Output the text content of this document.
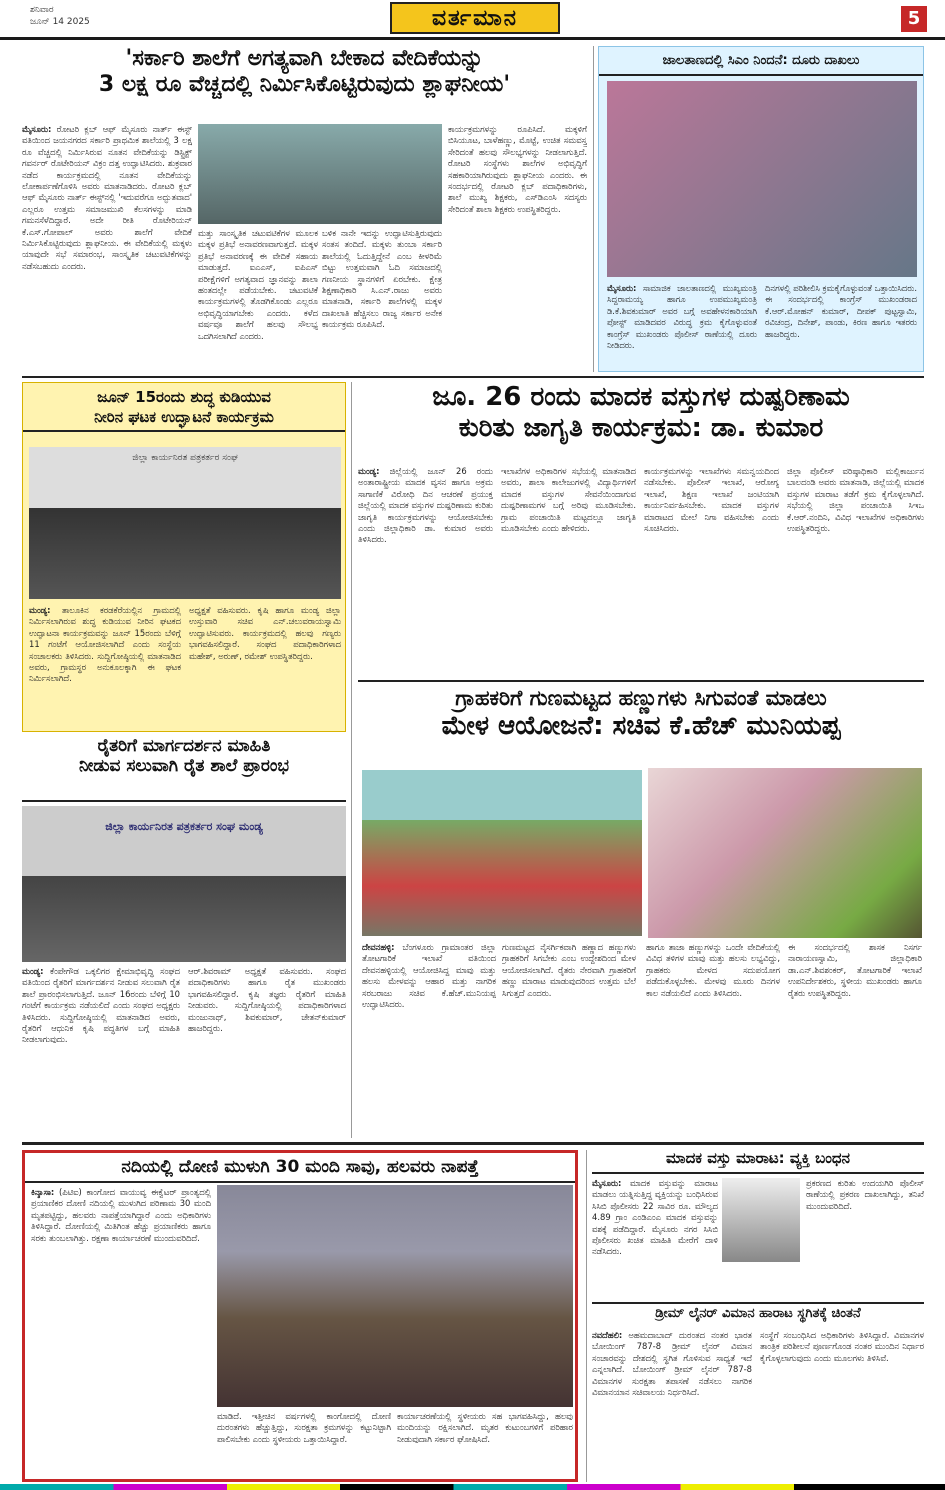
ಶನಿವಾರ
ಜೂನ್ 14 2025	ವರ್ತಮಾನ	5
'ಸರ್ಕಾರಿ ಶಾಲೆಗೆ ಅಗತ್ಯವಾಗಿ ಬೇಕಾದ ವೇದಿಕೆಯನ್ನು
3 ಲಕ್ಷ ರೂ ವೆಚ್ಚದಲ್ಲಿ ನಿರ್ಮಿಸಿಕೊಟ್ಟಿರುವುದು ಶ್ಲಾಘನೀಯ'
ಮೈಸೂರು: ರೋಟರಿ ಕ್ಲಬ್ ಆಫ್ ಮೈಸೂರು ನಾರ್ತ್ ಈಸ್ಟ್ ವತಿಯಿಂದ ಜಯನಗರದ ಸರ್ಕಾರಿ ಪ್ರಾಥಮಿಕ ಶಾಲೆಯಲ್ಲಿ 3 ಲಕ್ಷ ರೂ ವೆಚ್ಚದಲ್ಲಿ ನಿರ್ಮಿಸಿರುವ ನೂತನ ವೇದಿಕೆಯನ್ನು ಡಿಸ್ಟ್ರಿಕ್ಟ್ ಗವರ್ನರ್ ರೊಟೇರಿಯನ್ ವಿಕ್ರಂ ದತ್ತ ಉದ್ಘಾಟಿಸಿದರು. ಶುಕ್ರವಾರ ನಡೆದ ಕಾರ್ಯಕ್ರಮದಲ್ಲಿ ನೂತನ ವೇದಿಕೆಯನ್ನು ಲೋಕಾರ್ಪಣೆಗೊಳಿಸಿ ಅವರು ಮಾತನಾಡಿದರು. ರೋಟರಿ ಕ್ಲಬ್ ಆಫ್ ಮೈಸೂರು ನಾರ್ತ್ ಈಸ್ಟ್‌ನಲ್ಲಿ 'ಇದುವರೆಗೂ ಅದ್ಭುತವಾದ' ಎಲ್ಲರೂ ಉತ್ತಮ ಸಮಾಜಮುಖಿ ಕೆಲಸಗಳನ್ನು ಮಾಡಿ ಗಮನಸೆಳೆದಿದ್ದಾರೆ. ಅದೇ ರೀತಿ ರೊಟೇರಿಯನ್ ಕೆ.ಎಸ್.ಗೋಪಾಲ್ ಅವರು ಶಾಲೆಗೆ ವೇದಿಕೆ ನಿರ್ಮಿಸಿಕೊಟ್ಟಿರುವುದು ಶ್ಲಾಘನೀಯ. ಈ ವೇದಿಕೆಯಲ್ಲಿ ಮಕ್ಕಳು ಯಾವುದೇ ಸಭೆ ಸಮಾರಂಭ, ಸಾಂಸ್ಕೃತಿಕ ಚಟುವಟಿಕೆಗಳನ್ನು ನಡೆಸಬಹುದು ಎಂದರು.
ಮತ್ತು ಸಾಂಸ್ಕೃತಿಕ ಚಟುವಟಿಕೆಗಳ ಮೂಲಕ ಮಕ್ಕಳ ಪ್ರತಿಭೆ ಅನಾವರಣವಾಗುತ್ತದೆ. ಮಕ್ಕಳ ಪ್ರತಿಭೆ ಅನಾವರಣಕ್ಕೆ ಈ ವೇದಿಕೆ ಸಹಾಯ ಮಾಡುತ್ತದೆ. ಐಎಎಸ್, ಐಪಿಎಸ್ ಪರೀಕ್ಷೆಗಳಿಗೆ ಅಗತ್ಯವಾದ ಜ್ಞಾನವನ್ನು ಶಾಲಾ ಹಂತದಲ್ಲೇ ಪಡೆಯಬೇಕು. ಚಟುವಟಿಕೆ ಕಾರ್ಯಕ್ರಮಗಳಲ್ಲಿ ತೊಡಗಿಕೊಂಡು ಎಲ್ಲರೂ ಅಭಿವೃದ್ಧಿಯಾಗಬೇಕು ಎಂದರು. ಕಳೆದ ವರ್ಷವೂ ಶಾಲೆಗೆ ಹಲವು ಸೌಲಭ್ಯ ಒದಗಿಸಲಾಗಿದೆ ಎಂದರು.
ಬಳಿಕ ನಾನೇ ಇದನ್ನು ಉದ್ಘಾಟಿಸುತ್ತಿರುವುದು ಸಂತಸ ತಂದಿದೆ. ಮಕ್ಕಳು ತುಂಬಾ ಸರ್ಕಾರಿ ಶಾಲೆಯಲ್ಲಿ ಓದುತ್ತಿದ್ದೇನೆ ಎಂಬ ಕೀಳರಿಮೆ ಬಿಟ್ಟು ಉತ್ತಮವಾಗಿ ಓದಿ ಸಮಾಜದಲ್ಲಿ ಗಣನೀಯ ಸ್ಥಾನಗಳಿಗೆ ಏರಬೇಕು. ಕ್ಷೇತ್ರ ಶಿಕ್ಷಣಾಧಿಕಾರಿ ಸಿ.ಎನ್.ರಾಜು ಅವರು ಮಾತನಾಡಿ, ಸರ್ಕಾರಿ ಶಾಲೆಗಳಲ್ಲಿ ಮಕ್ಕಳ ದಾಖಲಾತಿ ಹೆಚ್ಚಿಸಲು ರಾಜ್ಯ ಸರ್ಕಾರ ಅನೇಕ ಕಾರ್ಯಕ್ರಮ ರೂಪಿಸಿದೆ.
ಕಾರ್ಯಕ್ರಮಗಳನ್ನು ರೂಪಿಸಿದೆ. ಮಕ್ಕಳಿಗೆ ಬಿಸಿಯೂಟ, ಬಾಳೆಹಣ್ಣು, ಮೊಟ್ಟೆ, ಉಚಿತ ಸಮವಸ್ತ್ರ ಸೇರಿದಂತೆ ಹಲವು ಸೌಲಭ್ಯಗಳನ್ನು ನೀಡಲಾಗುತ್ತಿದೆ. ರೋಟರಿ ಸಂಸ್ಥೆಗಳು ಶಾಲೆಗಳ ಅಭಿವೃದ್ಧಿಗೆ ಸಹಕಾರಿಯಾಗಿರುವುದು ಶ್ಲಾಘನೀಯ ಎಂದರು. ಈ ಸಂದರ್ಭದಲ್ಲಿ ರೋಟರಿ ಕ್ಲಬ್ ಪದಾಧಿಕಾರಿಗಳು, ಶಾಲೆ ಮುಖ್ಯ ಶಿಕ್ಷಕರು, ಎಸ್‌ಡಿಎಂಸಿ ಸದಸ್ಯರು ಸೇರಿದಂತೆ ಶಾಲಾ ಶಿಕ್ಷಕರು ಉಪಸ್ಥಿತರಿದ್ದರು.
ಜಾಲತಾಣದಲ್ಲಿ ಸಿಎಂ ನಿಂದನೆ: ದೂರು ದಾಖಲು
ಮೈಸೂರು: ಸಾಮಾಜಿಕ ಜಾಲತಾಣದಲ್ಲಿ ಮುಖ್ಯಮಂತ್ರಿ ಸಿದ್ದರಾಮಯ್ಯ ಹಾಗೂ ಉಪಮುಖ್ಯಮಂತ್ರಿ ಡಿ.ಕೆ.ಶಿವಕುಮಾರ್ ಅವರ ಬಗ್ಗೆ ಅವಹೇಳನಕಾರಿಯಾಗಿ ಪೋಸ್ಟ್ ಮಾಡಿದವರ ವಿರುದ್ಧ ಕ್ರಮ ಕೈಗೊಳ್ಳುವಂತೆ ಕಾಂಗ್ರೆಸ್ ಮುಖಂಡರು ಪೊಲೀಸ್ ಠಾಣೆಯಲ್ಲಿ ದೂರು ನೀಡಿದರು.
ದಿನಗಳಲ್ಲಿ ಪರಿಶೀಲಿಸಿ ಕ್ರಮಕೈಗೊಳ್ಳುವಂತೆ ಒತ್ತಾಯಿಸಿದರು. ಈ ಸಂದರ್ಭದಲ್ಲಿ ಕಾಂಗ್ರೆಸ್ ಮುಖಂಡರಾದ ಕೆ.ಆರ್.ಮೋಹನ್ ಕುಮಾರ್, ದೀಪಕ್ ಪುಟ್ಟಸ್ವಾಮಿ, ರವಿಚಂದ್ರ, ದಿನೇಶ್, ಪಾಂಡು, ಕಿರಣ ಹಾಗೂ ಇತರರು ಹಾಜರಿದ್ದರು.
ಜೂನ್ 15ರಂದು ಶುದ್ಧ ಕುಡಿಯುವ
ನೀರಿನ ಘಟಕ ಉದ್ಘಾಟನೆ ಕಾರ್ಯಕ್ರಮ
ಜಿಲ್ಲಾ ಕಾರ್ಯನಿರತ ಪತ್ರಕರ್ತರ ಸಂಘ
ಮಂಡ್ಯ: ತಾಲೂಕಿನ ಕರಡಕೆರೆಯಲ್ಲಿನ ಗ್ರಾಮದಲ್ಲಿ ನಿರ್ಮಿಸಲಾಗಿರುವ ಶುದ್ಧ ಕುಡಿಯುವ ನೀರಿನ ಘಟಕದ ಉದ್ಘಾಟನಾ ಕಾರ್ಯಕ್ರಮವನ್ನು ಜೂನ್ 15ರಂದು ಬೆಳಿಗ್ಗೆ 11 ಗಂಟೆಗೆ ಆಯೋಜಿಸಲಾಗಿದೆ ಎಂದು ಸಂಸ್ಥೆಯ ಸಂಚಾಲಕರು ತಿಳಿಸಿದರು. ಸುದ್ದಿಗೋಷ್ಠಿಯಲ್ಲಿ ಮಾತನಾಡಿದ ಅವರು, ಗ್ರಾಮಸ್ಥರ ಅನುಕೂಲಕ್ಕಾಗಿ ಈ ಘಟಕ ನಿರ್ಮಿಸಲಾಗಿದೆ.
ಅಧ್ಯಕ್ಷತೆ ವಹಿಸುವರು. ಕೃಷಿ ಹಾಗೂ ಮಂಡ್ಯ ಜಿಲ್ಲಾ ಉಸ್ತುವಾರಿ ಸಚಿವ ಎನ್.ಚಲುವರಾಯಸ್ವಾಮಿ ಉದ್ಘಾಟಿಸುವರು. ಕಾರ್ಯಕ್ರಮದಲ್ಲಿ ಹಲವು ಗಣ್ಯರು ಭಾಗವಹಿಸಲಿದ್ದಾರೆ. ಸಂಘದ ಪದಾಧಿಕಾರಿಗಳಾದ ಮಹೇಶ್, ಅರುಣ್, ರಮೇಶ್ ಉಪಸ್ಥಿತರಿದ್ದರು.
ರೈತರಿಗೆ ಮಾರ್ಗದರ್ಶನ ಮಾಹಿತಿ
ನೀಡುವ ಸಲುವಾಗಿ ರೈತ ಶಾಲೆ ಪ್ರಾರಂಭ
ಜಿಲ್ಲಾ ಕಾರ್ಯನಿರತ ಪತ್ರಕರ್ತರ ಸಂಘ ಮಂಡ್ಯ
ಮಂಡ್ಯ: ಕೆಂಪೇಗೌಡ ಒಕ್ಕಲಿಗರ ಕ್ಷೇಮಾಭಿವೃದ್ಧಿ ಸಂಘದ ವತಿಯಿಂದ ರೈತರಿಗೆ ಮಾರ್ಗದರ್ಶನ ನೀಡುವ ಸಲುವಾಗಿ ರೈತ ಶಾಲೆ ಪ್ರಾರಂಭಿಸಲಾಗುತ್ತಿದೆ. ಜೂನ್ 16ರಂದು ಬೆಳಿಗ್ಗೆ 10 ಗಂಟೆಗೆ ಕಾರ್ಯಕ್ರಮ ನಡೆಯಲಿದೆ ಎಂದು ಸಂಘದ ಅಧ್ಯಕ್ಷರು ತಿಳಿಸಿದರು. ಸುದ್ದಿಗೋಷ್ಠಿಯಲ್ಲಿ ಮಾತನಾಡಿದ ಅವರು, ರೈತರಿಗೆ ಆಧುನಿಕ ಕೃಷಿ ಪದ್ಧತಿಗಳ ಬಗ್ಗೆ ಮಾಹಿತಿ ನೀಡಲಾಗುವುದು.
ಆರ್.ಶಿವರಾಮ್ ಅಧ್ಯಕ್ಷತೆ ವಹಿಸುವರು. ಸಂಘದ ಪದಾಧಿಕಾರಿಗಳು ಹಾಗೂ ರೈತ ಮುಖಂಡರು ಭಾಗವಹಿಸಲಿದ್ದಾರೆ. ಕೃಷಿ ತಜ್ಞರು ರೈತರಿಗೆ ಮಾಹಿತಿ ನೀಡುವರು. ಸುದ್ದಿಗೋಷ್ಠಿಯಲ್ಲಿ ಪದಾಧಿಕಾರಿಗಳಾದ ಮಂಜುನಾಥ್, ಶಿವಕುಮಾರ್, ಚೇತನ್‌ಕುಮಾರ್ ಹಾಜರಿದ್ದರು.
ಜೂ. 26 ರಂದು ಮಾದಕ ವಸ್ತುಗಳ ದುಷ್ಪರಿಣಾಮ
ಕುರಿತು ಜಾಗೃತಿ ಕಾರ್ಯಕ್ರಮ: ಡಾ. ಕುಮಾರ
ಮಂಡ್ಯ: ಜಿಲ್ಲೆಯಲ್ಲಿ ಜೂನ್ 26 ರಂದು ಅಂತಾರಾಷ್ಟ್ರೀಯ ಮಾದಕ ವ್ಯಸನ ಹಾಗೂ ಅಕ್ರಮ ಸಾಗಾಣಿಕೆ ವಿರೋಧಿ ದಿನ ಆಚರಣೆ ಪ್ರಯುಕ್ತ ಜಿಲ್ಲೆಯಲ್ಲಿ ಮಾದಕ ವಸ್ತುಗಳ ದುಷ್ಪರಿಣಾಮ ಕುರಿತು ಜಾಗೃತಿ ಕಾರ್ಯಕ್ರಮಗಳನ್ನು ಆಯೋಜಿಸಬೇಕು ಎಂದು ಜಿಲ್ಲಾಧಿಕಾರಿ ಡಾ. ಕುಮಾರ ಅವರು ತಿಳಿಸಿದರು.
ಇಲಾಖೆಗಳ ಅಧಿಕಾರಿಗಳ ಸಭೆಯಲ್ಲಿ ಮಾತನಾಡಿದ ಅವರು, ಶಾಲಾ ಕಾಲೇಜುಗಳಲ್ಲಿ ವಿದ್ಯಾರ್ಥಿಗಳಿಗೆ ಮಾದಕ ವಸ್ತುಗಳ ಸೇವನೆಯಿಂದಾಗುವ ದುಷ್ಪರಿಣಾಮಗಳ ಬಗ್ಗೆ ಅರಿವು ಮೂಡಿಸಬೇಕು. ಗ್ರಾಮ ಪಂಚಾಯಿತಿ ಮಟ್ಟದಲ್ಲೂ ಜಾಗೃತಿ ಮೂಡಿಸಬೇಕು ಎಂದು ಹೇಳಿದರು.
ಕಾರ್ಯಕ್ರಮಗಳನ್ನು ಇಲಾಖೆಗಳು ಸಮನ್ವಯದಿಂದ ನಡೆಸಬೇಕು. ಪೊಲೀಸ್ ಇಲಾಖೆ, ಆರೋಗ್ಯ ಇಲಾಖೆ, ಶಿಕ್ಷಣ ಇಲಾಖೆ ಜಂಟಿಯಾಗಿ ಕಾರ್ಯನಿರ್ವಹಿಸಬೇಕು. ಮಾದಕ ವಸ್ತುಗಳ ಮಾರಾಟದ ಮೇಲೆ ನಿಗಾ ವಹಿಸಬೇಕು ಎಂದು ಸೂಚಿಸಿದರು.
ಜಿಲ್ಲಾ ಪೊಲೀಸ್ ವರಿಷ್ಠಾಧಿಕಾರಿ ಮಲ್ಲಿಕಾರ್ಜುನ ಬಾಲದಂಡಿ ಅವರು ಮಾತನಾಡಿ, ಜಿಲ್ಲೆಯಲ್ಲಿ ಮಾದಕ ವಸ್ತುಗಳ ಮಾರಾಟ ತಡೆಗೆ ಕ್ರಮ ಕೈಗೊಳ್ಳಲಾಗಿದೆ. ಸಭೆಯಲ್ಲಿ ಜಿಲ್ಲಾ ಪಂಚಾಯಿತಿ ಸಿಇಒ ಕೆ.ಆರ್.ನಂದಿನಿ, ವಿವಿಧ ಇಲಾಖೆಗಳ ಅಧಿಕಾರಿಗಳು ಉಪಸ್ಥಿತರಿದ್ದರು.
ಗ್ರಾಹಕರಿಗೆ ಗುಣಮಟ್ಟದ ಹಣ್ಣುಗಳು ಸಿಗುವಂತೆ ಮಾಡಲು
ಮೇಳ ಆಯೋಜನೆ: ಸಚಿವ ಕೆ.ಹೆಚ್ ಮುನಿಯಪ್ಪ
ದೇವನಹಳ್ಳಿ: ಬೆಂಗಳೂರು ಗ್ರಾಮಾಂತರ ಜಿಲ್ಲಾ ತೋಟಗಾರಿಕೆ ಇಲಾಖೆ ವತಿಯಿಂದ ದೇವನಹಳ್ಳಿಯಲ್ಲಿ ಆಯೋಜಿಸಿದ್ದ ಮಾವು ಮತ್ತು ಹಲಸು ಮೇಳವನ್ನು ಆಹಾರ ಮತ್ತು ನಾಗರಿಕ ಸರಬರಾಜು ಸಚಿವ ಕೆ.ಹೆಚ್.ಮುನಿಯಪ್ಪ ಉದ್ಘಾಟಿಸಿದರು.
ಗುಣಮಟ್ಟದ ನೈಸರ್ಗಿಕವಾಗಿ ಹಣ್ಣಾದ ಹಣ್ಣುಗಳು ಗ್ರಾಹಕರಿಗೆ ಸಿಗಬೇಕು ಎಂಬ ಉದ್ದೇಶದಿಂದ ಮೇಳ ಆಯೋಜಿಸಲಾಗಿದೆ. ರೈತರು ನೇರವಾಗಿ ಗ್ರಾಹಕರಿಗೆ ಹಣ್ಣು ಮಾರಾಟ ಮಾಡುವುದರಿಂದ ಉತ್ತಮ ಬೆಲೆ ಸಿಗುತ್ತದೆ ಎಂದರು.
ಹಾಗೂ ತಾಜಾ ಹಣ್ಣುಗಳನ್ನು ಒಂದೇ ವೇದಿಕೆಯಲ್ಲಿ ವಿವಿಧ ತಳಿಗಳ ಮಾವು ಮತ್ತು ಹಲಸು ಲಭ್ಯವಿದ್ದು, ಗ್ರಾಹಕರು ಮೇಳದ ಸದುಪಯೋಗ ಪಡೆದುಕೊಳ್ಳಬೇಕು. ಮೇಳವು ಮೂರು ದಿನಗಳ ಕಾಲ ನಡೆಯಲಿದೆ ಎಂದು ತಿಳಿಸಿದರು.
ಈ ಸಂದರ್ಭದಲ್ಲಿ ಶಾಸಕ ನಿಸರ್ಗ ನಾರಾಯಣಸ್ವಾಮಿ, ಜಿಲ್ಲಾಧಿಕಾರಿ ಡಾ.ಎನ್.ಶಿವಶಂಕರ್, ತೋಟಗಾರಿಕೆ ಇಲಾಖೆ ಉಪನಿರ್ದೇಶಕರು, ಸ್ಥಳೀಯ ಮುಖಂಡರು ಹಾಗೂ ರೈತರು ಉಪಸ್ಥಿತರಿದ್ದರು.
ನದಿಯಲ್ಲಿ ದೋಣಿ ಮುಳುಗಿ 30 ಮಂದಿ ಸಾವು, ಹಲವರು ನಾಪತ್ತೆ
ಕಿನ್ಶಾಸಾ: (ಪಿಟಿಐ) ಕಾಂಗೋದ ವಾಯುವ್ಯ ಈಕ್ವೆಟರ್ ಪ್ರಾಂತ್ಯದಲ್ಲಿ ಪ್ರಯಾಣಿಕರ ದೋಣಿ ನದಿಯಲ್ಲಿ ಮುಳುಗಿದ ಪರಿಣಾಮ 30 ಮಂದಿ ಮೃತಪಟ್ಟಿದ್ದು, ಹಲವರು ನಾಪತ್ತೆಯಾಗಿದ್ದಾರೆ ಎಂದು ಅಧಿಕಾರಿಗಳು ತಿಳಿಸಿದ್ದಾರೆ. ದೋಣಿಯಲ್ಲಿ ಮಿತಿಗಿಂತ ಹೆಚ್ಚು ಪ್ರಯಾಣಿಕರು ಹಾಗೂ ಸರಕು ತುಂಬಲಾಗಿತ್ತು. ರಕ್ಷಣಾ ಕಾರ್ಯಾಚರಣೆ ಮುಂದುವರಿದಿದೆ.
ಮಾಡಿದೆ. ಇತ್ತೀಚಿನ ವರ್ಷಗಳಲ್ಲಿ ಕಾಂಗೋದಲ್ಲಿ ದೋಣಿ ದುರಂತಗಳು ಹೆಚ್ಚುತ್ತಿದ್ದು, ಸುರಕ್ಷತಾ ಕ್ರಮಗಳನ್ನು ಕಟ್ಟುನಿಟ್ಟಾಗಿ ಪಾಲಿಸಬೇಕು ಎಂದು ಸ್ಥಳೀಯರು ಒತ್ತಾಯಿಸಿದ್ದಾರೆ.
ಕಾರ್ಯಾಚರಣೆಯಲ್ಲಿ ಸ್ಥಳೀಯರು ಸಹ ಭಾಗವಹಿಸಿದ್ದು, ಹಲವು ಮಂದಿಯನ್ನು ರಕ್ಷಿಸಲಾಗಿದೆ. ಮೃತರ ಕುಟುಂಬಗಳಿಗೆ ಪರಿಹಾರ ನೀಡುವುದಾಗಿ ಸರ್ಕಾರ ಘೋಷಿಸಿದೆ.
ಮಾದಕ ವಸ್ತು ಮಾರಾಟ: ವ್ಯಕ್ತಿ ಬಂಧನ
ಮೈಸೂರು: ಮಾದಕ ವಸ್ತುವನ್ನು ಮಾರಾಟ ಮಾಡಲು ಯತ್ನಿಸುತ್ತಿದ್ದ ವ್ಯಕ್ತಿಯನ್ನು ಬಂಧಿಸಿರುವ ಸಿಸಿಬಿ ಪೊಲೀಸರು 22 ಸಾವಿರ ರೂ. ಮೌಲ್ಯದ 4.89 ಗ್ರಾಂ ಎಂಡಿಎಂಎ ಮಾದಕ ವಸ್ತುವನ್ನು ವಶಕ್ಕೆ ಪಡೆದಿದ್ದಾರೆ. ಮೈಸೂರು ನಗರ ಸಿಸಿಬಿ ಪೊಲೀಸರು ಖಚಿತ ಮಾಹಿತಿ ಮೇರೆಗೆ ದಾಳಿ ನಡೆಸಿದರು.
ಪ್ರಕರಣದ ಕುರಿತು ಉದಯಗಿರಿ ಪೊಲೀಸ್ ಠಾಣೆಯಲ್ಲಿ ಪ್ರಕರಣ ದಾಖಲಾಗಿದ್ದು, ತನಿಖೆ ಮುಂದುವರಿದಿದೆ.
ಡ್ರೀಮ್ ಲೈನರ್ ವಿಮಾನ ಹಾರಾಟ ಸ್ಥಗಿತಕ್ಕೆ ಚಿಂತನೆ
ನವದೆಹಲಿ: ಅಹಮದಾಬಾದ್ ದುರಂತದ ನಂತರ ಭಾರತ ಬೋಯಿಂಗ್ 787-8 ಡ್ರೀಮ್ ಲೈನರ್ ವಿಮಾನ ಸಂಚಾರವನ್ನು ದೇಶದಲ್ಲಿ ಸ್ಥಗಿತ ಗೊಳಿಸುವ ಸಾಧ್ಯತೆ ಇದೆ ಎನ್ನಲಾಗಿದೆ. ಬೋಯಿಂಗ್ ಡ್ರೀಮ್ ಲೈನರ್ 787-8 ವಿಮಾನಗಳ ಸುರಕ್ಷತಾ ತಪಾಸಣೆ ನಡೆಸಲು ನಾಗರಿಕ ವಿಮಾನಯಾನ ಸಚಿವಾಲಯ ನಿರ್ಧರಿಸಿದೆ.
ಸಂಸ್ಥೆಗೆ ಸಂಬಂಧಿಸಿದ ಅಧಿಕಾರಿಗಳು ತಿಳಿಸಿದ್ದಾರೆ. ವಿಮಾನಗಳ ತಾಂತ್ರಿಕ ಪರಿಶೀಲನೆ ಪೂರ್ಣಗೊಂಡ ನಂತರ ಮುಂದಿನ ನಿರ್ಧಾರ ಕೈಗೊಳ್ಳಲಾಗುವುದು ಎಂದು ಮೂಲಗಳು ತಿಳಿಸಿವೆ.
